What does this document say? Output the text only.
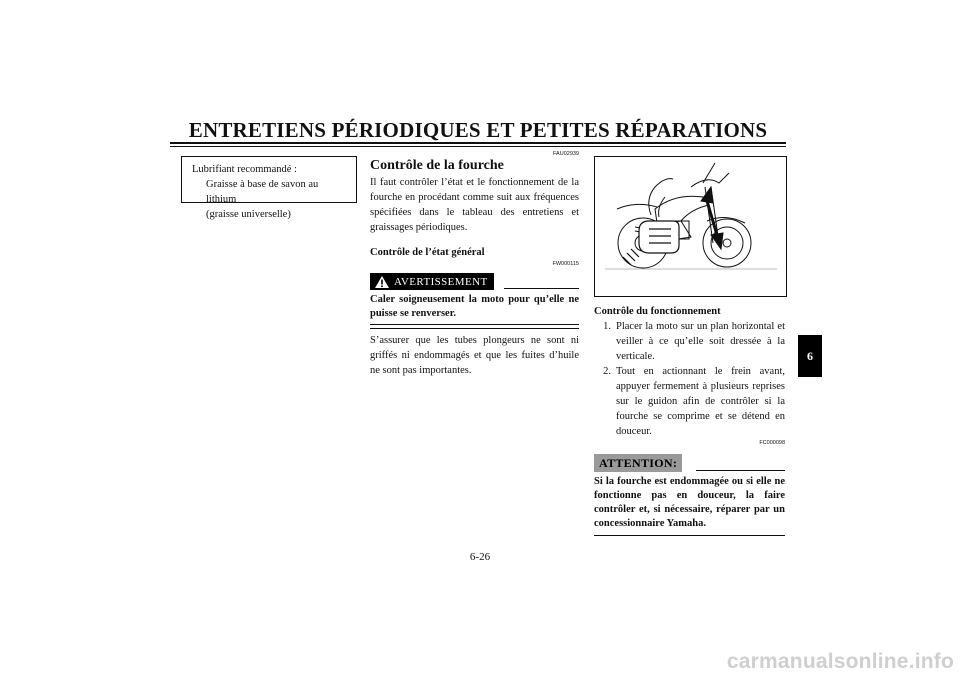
ENTRETIENS PÉRIODIQUES ET PETITES RÉPARATIONS
Lubrifiant recommandé :
Graisse à base de savon au lithium
(graisse universelle)
FAU02939
Contrôle de la fourche
Il faut contrôler l’état et le fonctionnement de la fourche en procédant comme suit aux fréquences spécifiées dans le tableau des entretiens et graissages périodiques.
Contrôle de l’état général
FW000115
AVERTISSEMENT
Caler soigneusement la moto pour qu’elle ne puisse se renverser.
S’assurer que les tubes plongeurs ne sont ni griffés ni endommagés et que les fuites d’huile ne sont pas importantes.
Contrôle du fonctionnement
1. Placer la moto sur un plan horizontal et veiller à ce qu’elle soit dressée à la verticale.
2. Tout en actionnant le frein avant, appuyer fermement à plusieurs reprises sur le guidon afin de contrôler si la fourche se comprime et se détend en douceur.
FC000098
ATTENTION:
Si la fourche est endommagée ou si elle ne fonctionne pas en douceur, la faire contrôler et, si nécessaire, réparer par un concessionnaire Yamaha.
6-26
6
carmanualsonline.info
